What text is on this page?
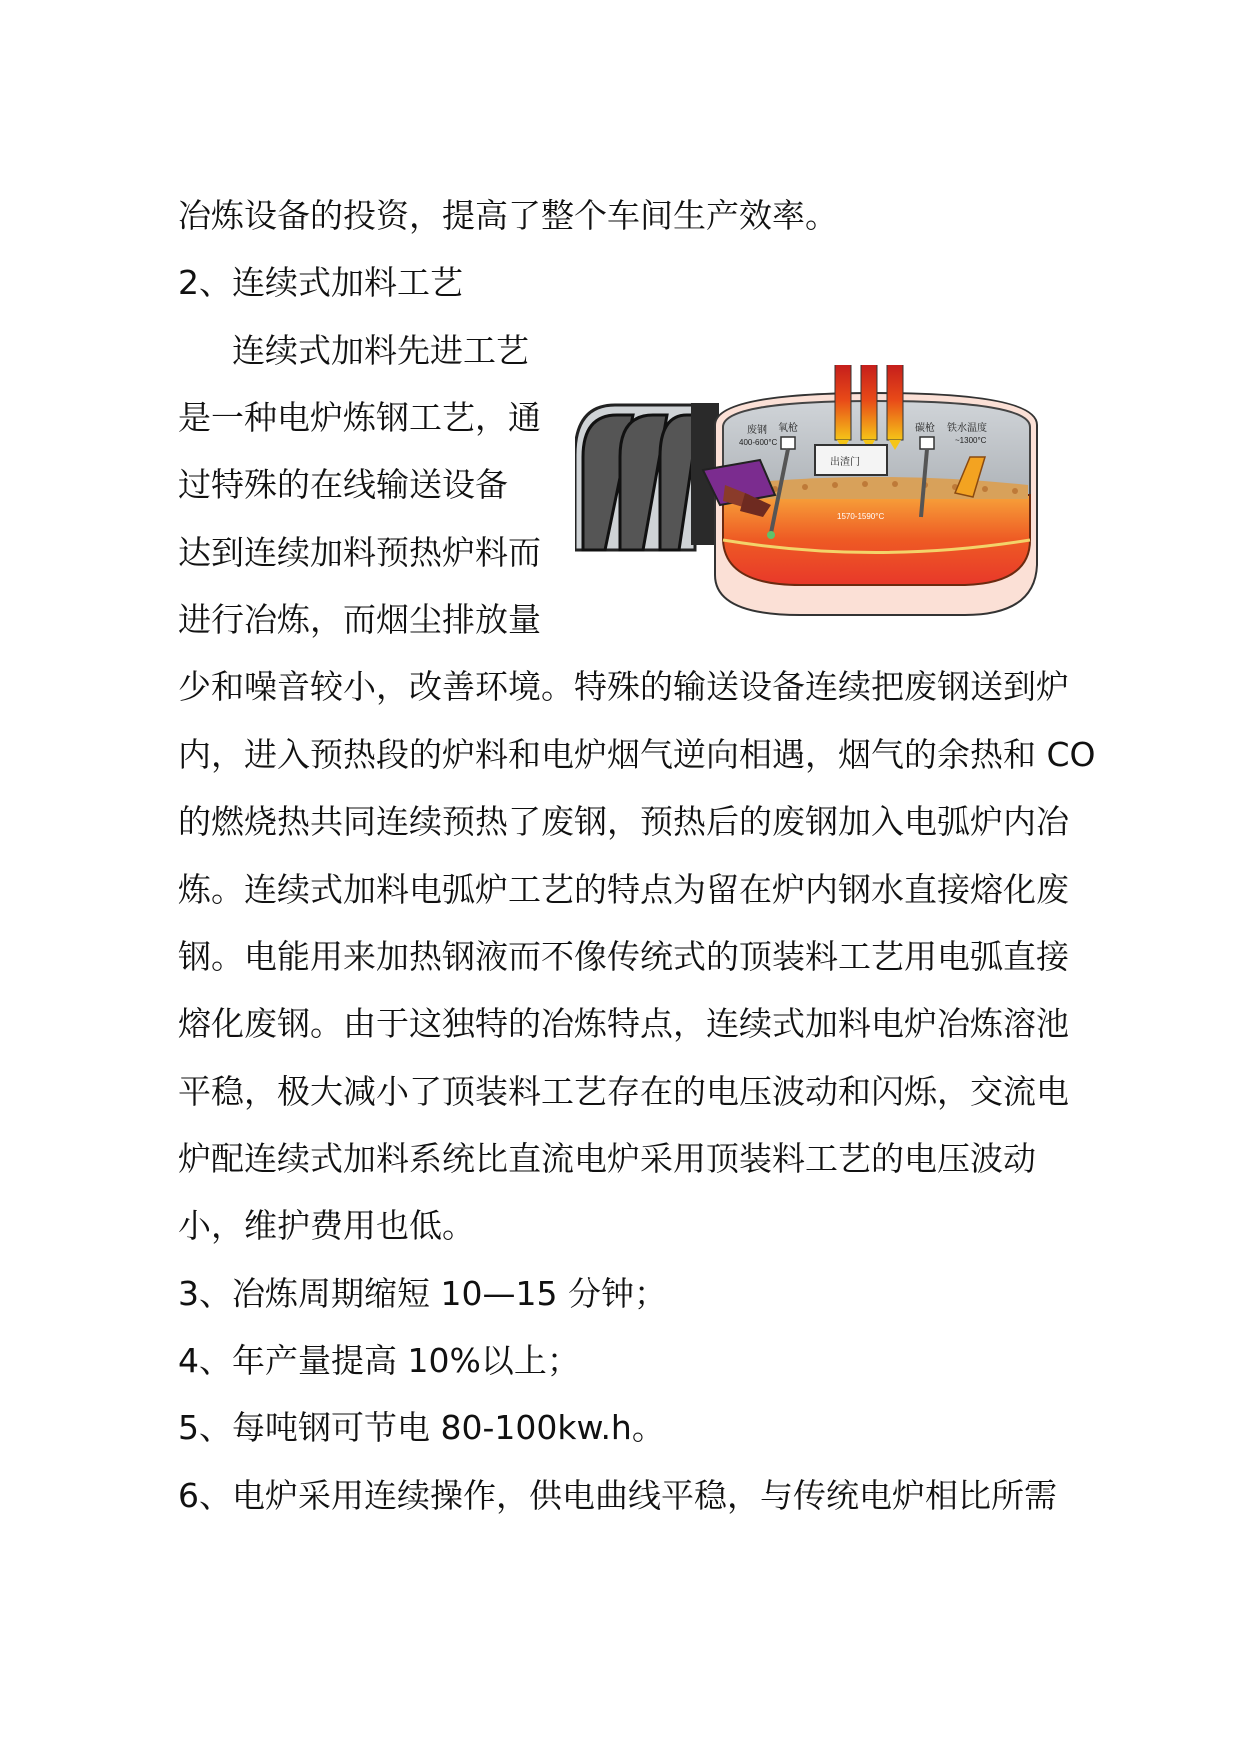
冶炼设备的投资，提高了整个车间生产效率。
2、连续式加料工艺
连续式加料先进工艺
是一种电炉炼钢工艺，通
过特殊的在线输送设备
达到连续加料预热炉料而
进行冶炼，而烟尘排放量
少和噪音较小，改善环境。特殊的输送设备连续把废钢送到炉
内，进入预热段的炉料和电炉烟气逆向相遇，烟气的余热和 CO
的燃烧热共同连续预热了废钢，预热后的废钢加入电弧炉内冶
炼。连续式加料电弧炉工艺的特点为留在炉内钢水直接熔化废
钢。电能用来加热钢液而不像传统式的顶装料工艺用电弧直接
熔化废钢。由于这独特的冶炼特点，连续式加料电炉冶炼溶池
平稳，极大减小了顶装料工艺存在的电压波动和闪烁，交流电
炉配连续式加料系统比直流电炉采用顶装料工艺的电压波动
小，维护费用也低。
3、冶炼周期缩短 10—15 分钟；
4、年产量提高 10%以上；
5、每吨钢可节电 80-100kw.h。
6、电炉采用连续操作，供电曲线平稳，与传统电炉相比所需
废钢
400-600°C
氧枪
出渣门
碳枪 铁水温度
~1300°C
1570-1590°C
